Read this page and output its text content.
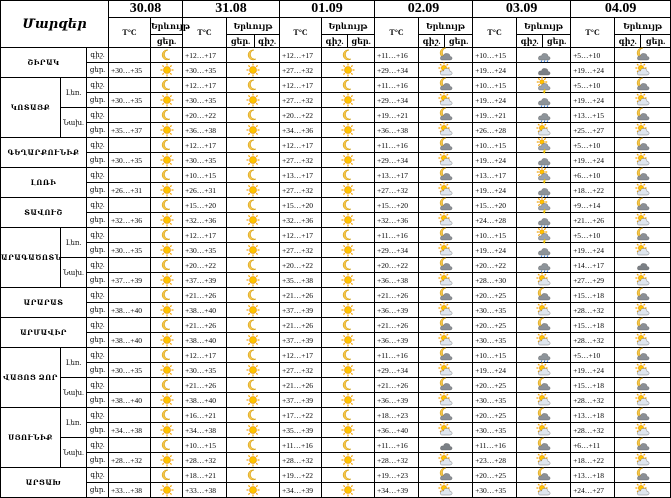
Մարզեր			30.08		31.08			01.09			02.09			03.09			04.09		
			T°C	Երևույթ	T°C	Երևույթ		T°C	Երևույթ		T°C	Երևույթ		T°C	Երևույթ		T°C	Երևույթ	
				ցեր.		ցեր.	գիշ.		գիշ.	ցեր.		գիշ.	ցեր.		գիշ.	ցեր.		գիշ.	ցեր.
ՇԻՐԱԿ		գիշ.			+12…+17			+12…+17			+11…+16			+10…+15			+5…+10	

		ցեր.	+30…+35		+30…+35			+27…+32			+29…+34			+19…+24			+19…+24	

ԿՈՏԱՅՔ	Լեռ.	գիշ.			+12…+17			+12…+17			+11…+16			+10…+15			+5…+10	

		ցեր.	+30…+35		+30…+35			+27…+32			+29…+34			+19…+24			+19…+24	

	Նախ.	գիշ.			+20…+22			+20…+22			+19…+21			+19…+21			+13…+15	

		ցեր.	+35…+37		+36…+38			+34…+36			+36…+38			+26…+28			+25…+27	

ԳԵՂԱՐՔՈՒՆԻՔ		գիշ.			+12…+17			+12…+17			+11…+16			+10…+15			+5…+10	

		ցեր.	+30…+35		+30…+35			+27…+32			+29…+34			+19…+24			+19…+24	

ԼՈՌԻ		գիշ.			+10…+15			+13…+17			+13…+17			+13…+17			+6…+10	

		ցեր.	+26…+31		+26…+31			+27…+32			+27…+32			+19…+24			+18…+22	

ՏԱՎՈՒՇ		գիշ.			+15…+20			+15…+20			+15…+20			+15…+20			+9…+14	

		ցեր.	+32…+36		+32…+36			+32…+36			+32…+36			+24…+28			+21…+26	

ԱՐԱԳԱԾՈՏՆ	Լեռ.	գիշ.			+12…+17			+12…+17			+11…+16			+10…+15			+5…+10	

		ցեր.	+30…+35		+30…+35			+27…+32			+29…+34			+19…+24			+19…+24	

	Նախ.	գիշ.			+20…+22			+20…+22			+20…+22			+20…+22			+14…+17	

		ցեր.	+37…+39		+37…+39			+35…+38			+36…+38			+28…+30			+27…+29	

ԱՐԱՐԱՏ		գիշ.			+21…+26			+21…+26			+21…+26			+20…+25			+15…+18	

		ցեր.	+38…+40		+38…+40			+37…+39			+36…+39			+30…+35			+28…+32	

ԱՐՄԱՎԻՐ		գիշ.			+21…+26			+21…+26			+21…+26			+20…+25			+15…+18	

		ցեր.	+38…+40		+38…+40			+37…+39			+36…+39			+30…+35			+28…+32	

ՎԱՅՈՑ ՁՈՐ	Լեռ.	գիշ.			+12…+17			+12…+17			+11…+16			+10…+15			+5…+10	

		ցեր.	+30…+35		+30…+35			+27…+32			+29…+34			+19…+24			+19…+24	

	Նախ.	գիշ.			+21…+26			+21…+26			+21…+26			+20…+25			+15…+18	

		ցեր.	+38…+40		+38…+40			+37…+39			+36…+39			+30…+35			+28…+32	

ՍՅՈՒՆԻՔ	Լեռ.	գիշ.			+16…+21			+17…+22			+18…+23			+20…+25			+13…+18	

		ցեր.	+34…+38		+34…+38			+35…+39			+36…+40			+30…+35			+28…+32	

	Նախ.	գիշ.			+10…+15			+11…+16			+11…+16			+11…+16			+6…+11	

		ցեր.	+28…+32		+28…+32			+28…+32			+28…+32			+23…+28			+18…+22	

ԱՐՑԱԽ		գիշ.			+18…+21			+19…+22			+19…+23			+20…+25			+13…+18	

		ցեր.	+33…+38		+33…+38			+34…+39			+34…+39			+30…+35			+24…+27	
